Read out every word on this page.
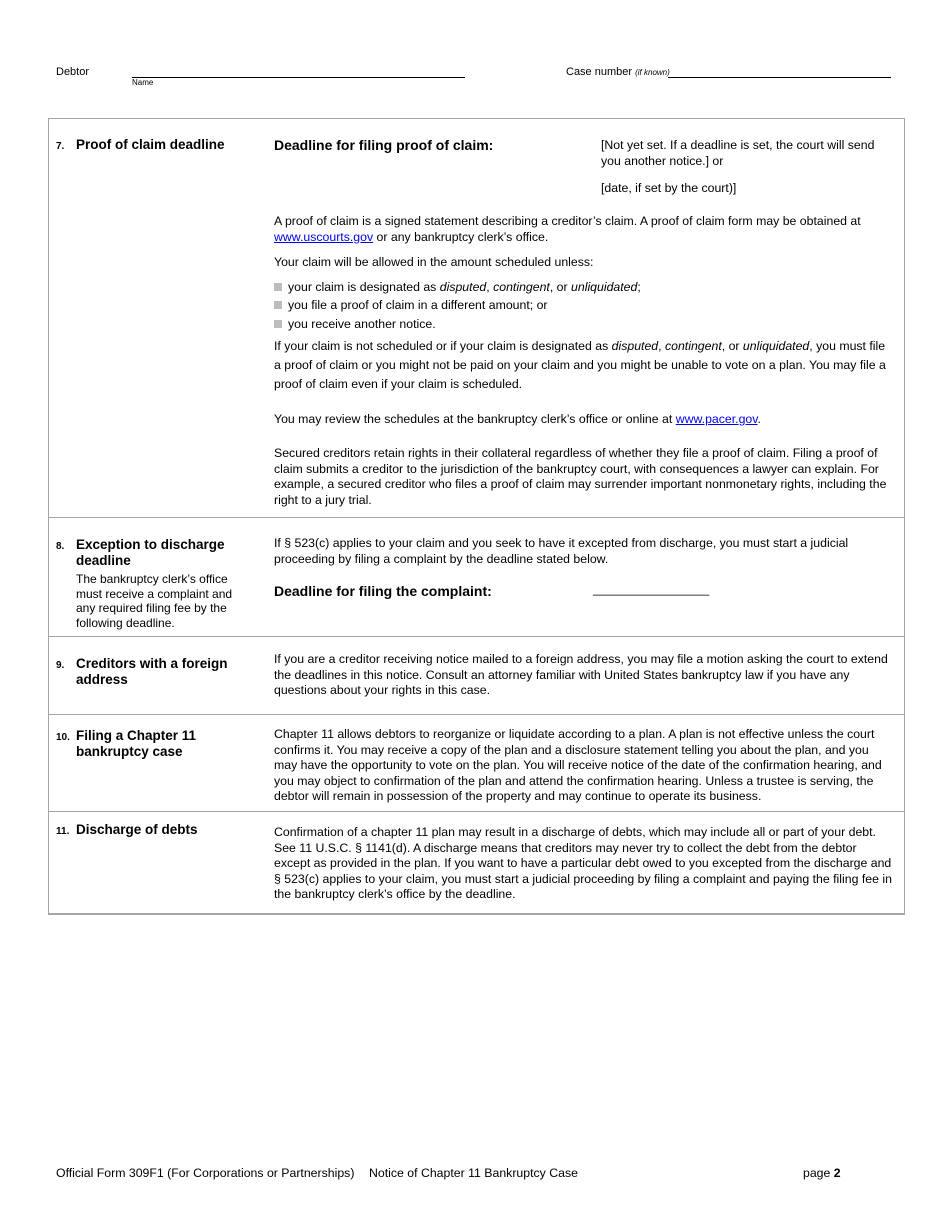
Debtor
Name
Case number (if known)
7. Proof of claim deadline	Deadline for filing proof of claim:	[Not yet set. If a deadline is set, the court will send you another notice.] or
[date, if set by the court)]
A proof of claim is a signed statement describing a creditor’s claim. A proof of claim form may be obtained at www.uscourts.gov or any bankruptcy clerk’s office.
Your claim will be allowed in the amount scheduled unless:
your claim is designated as disputed, contingent, or unliquidated;
you file a proof of claim in a different amount; or
you receive another notice.
If your claim is not scheduled or if your claim is designated as disputed, contingent, or unliquidated, you must file a proof of claim or you might not be paid on your claim and you might be unable to vote on a plan. You may file a proof of claim even if your claim is scheduled.
You may review the schedules at the bankruptcy clerk’s office or online at www.pacer.gov.
Secured creditors retain rights in their collateral regardless of whether they file a proof of claim. Filing a proof of claim submits a creditor to the jurisdiction of the bankruptcy court, with consequences a lawyer can explain. For example, a secured creditor who files a proof of claim may surrender important nonmonetary rights, including the right to a jury trial.
8. Exception to discharge deadline
The bankruptcy clerk’s office must receive a complaint and any required filing fee by the following deadline.
If § 523(c) applies to your claim and you seek to have it excepted from discharge, you must start a judicial proceeding by filing a complaint by the deadline stated below.
Deadline for filing the complaint:	_________________
9. Creditors with a foreign address
If you are a creditor receiving notice mailed to a foreign address, you may file a motion asking the court to extend the deadlines in this notice. Consult an attorney familiar with United States bankruptcy law if you have any questions about your rights in this case.
10. Filing a Chapter 11 bankruptcy case
Chapter 11 allows debtors to reorganize or liquidate according to a plan. A plan is not effective unless the court confirms it. You may receive a copy of the plan and a disclosure statement telling you about the plan, and you may have the opportunity to vote on the plan. You will receive notice of the date of the confirmation hearing, and you may object to confirmation of the plan and attend the confirmation hearing. Unless a trustee is serving, the debtor will remain in possession of the property and may continue to operate its business.
11. Discharge of debts	Confirmation of a chapter 11 plan may result in a discharge of debts, which may include all or part of your debt. See 11 U.S.C. § 1141(d). A discharge means that creditors may never try to collect the debt from the debtor except as provided in the plan. If you want to have a particular debt owed to you excepted from the discharge and § 523(c) applies to your claim, you must start a judicial proceeding by filing a complaint and paying the filing fee in the bankruptcy clerk’s office by the deadline.
Official Form 309F1 (For Corporations or Partnerships) Notice of Chapter 11 Bankruptcy Case	page 2
